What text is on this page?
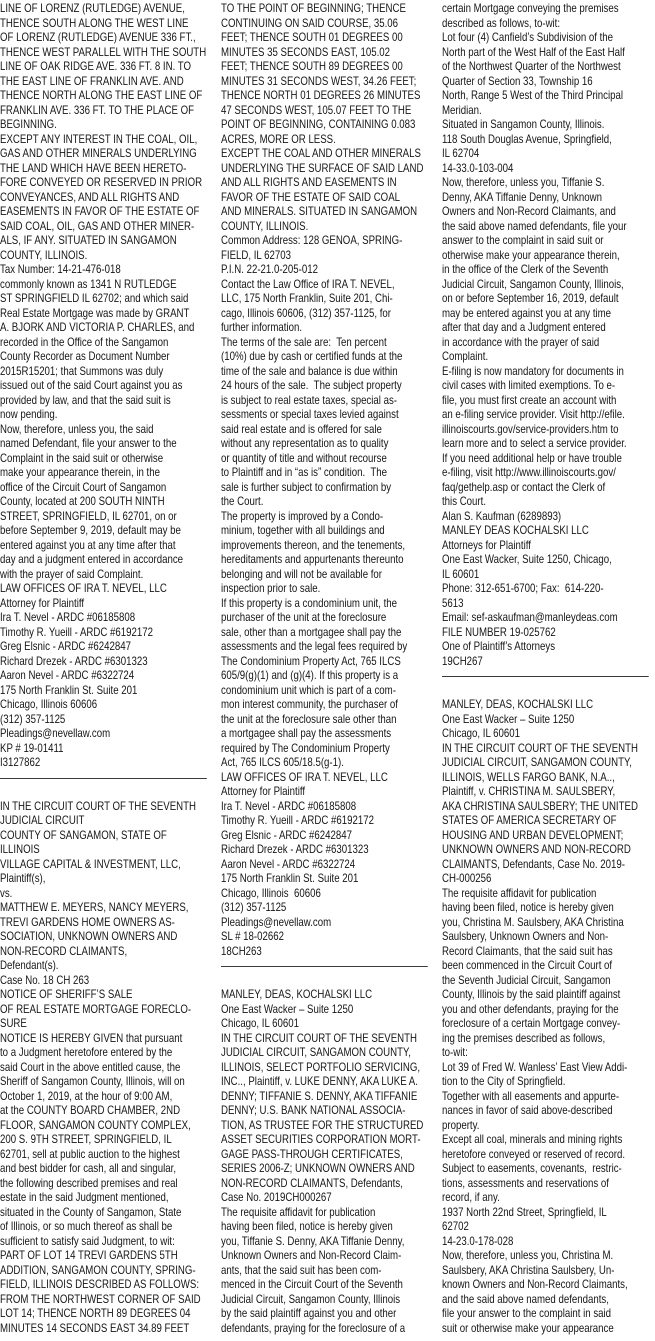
LINE OF LORENZ (RUTLEDGE) AVENUE,
THENCE SOUTH ALONG THE WEST LINE
OF LORENZ (RUTLEDGE) AVENUE 336 FT.,
THENCE WEST PARALLEL WITH THE SOUTH
LINE OF OAK RIDGE AVE. 336 FT. 8 IN. TO
THE EAST LINE OF FRANKLIN AVE. AND
THENCE NORTH ALONG THE EAST LINE OF
FRANKLIN AVE. 336 FT. TO THE PLACE OF
BEGINNING.
EXCEPT ANY INTEREST IN THE COAL, OIL,
GAS AND OTHER MINERALS UNDERLYING
THE LAND WHICH HAVE BEEN HERETO-
FORE CONVEYED OR RESERVED IN PRIOR
CONVEYANCES, AND ALL RIGHTS AND
EASEMENTS IN FAVOR OF THE ESTATE OF
SAID COAL, OIL, GAS AND OTHER MINER-
ALS, IF ANY. SITUATED IN SANGAMON
COUNTY, ILLINOIS.
Tax Number: 14-21-476-018
commonly known as 1341 N RUTLEDGE
ST SPRINGFIELD IL 62702; and which said
Real Estate Mortgage was made by GRANT
A. BJORK AND VICTORIA P. CHARLES, and
recorded in the Office of the Sangamon
County Recorder as Document Number
2015R15201; that Summons was duly
issued out of the said Court against you as
provided by law, and that the said suit is
now pending.
Now, therefore, unless you, the said
named Defendant, file your answer to the
Complaint in the said suit or otherwise
make your appearance therein, in the
office of the Circuit Court of Sangamon
County, located at 200 SOUTH NINTH
STREET, SPRINGFIELD, IL 62701, on or
before September 9, 2019, default may be
entered against you at any time after that
day and a judgment entered in accordance
with the prayer of said Complaint.
LAW OFFICES OF IRA T. NEVEL, LLC
Attorney for Plaintiff
Ira T. Nevel - ARDC #06185808
Timothy R. Yueill - ARDC #6192172
Greg Elsnic - ARDC #6242847
Richard Drezek - ARDC #6301323
Aaron Nevel - ARDC #6322724
175 North Franklin St. Suite 201
Chicago, Illinois 60606
(312) 357-1125
Pleadings@nevellaw.com
KP # 19-01411
I3127862
IN THE CIRCUIT COURT OF THE SEVENTH
JUDICIAL CIRCUIT
COUNTY OF SANGAMON, STATE OF
ILLINOIS
VILLAGE CAPITAL & INVESTMENT, LLC,
Plaintiff(s),
vs.
MATTHEW E. MEYERS, NANCY MEYERS,
TREVI GARDENS HOME OWNERS AS-
SOCIATION, UNKNOWN OWNERS AND
NON-RECORD CLAIMANTS,
Defendant(s).
Case No. 18 CH 263
NOTICE OF SHERIFF’S SALE
OF REAL ESTATE MORTGAGE FORECLO-
SURE
NOTICE IS HEREBY GIVEN that pursuant
to a Judgment heretofore entered by the
said Court in the above entitled cause, the
Sheriff of Sangamon County, Illinois, will on
October 1, 2019, at the hour of 9:00 AM,
at the COUNTY BOARD CHAMBER, 2ND
FLOOR, SANGAMON COUNTY COMPLEX,
200 S. 9TH STREET, SPRINGFIELD, IL
62701, sell at public auction to the highest
and best bidder for cash, all and singular,
the following described premises and real
estate in the said Judgment mentioned,
situated in the County of Sangamon, State
of Illinois, or so much thereof as shall be
sufficient to satisfy said Judgment, to wit:
PART OF LOT 14 TREVI GARDENS 5TH
ADDITION, SANGAMON COUNTY, SPRING-
FIELD, ILLINOIS DESCRIBED AS FOLLOWS:
FROM THE NORTHWEST CORNER OF SAID
LOT 14; THENCE NORTH 89 DEGREES 04
MINUTES 14 SECONDS EAST 34.89 FEET
TO THE POINT OF BEGINNING; THENCE
CONTINUING ON SAID COURSE, 35.06
FEET; THENCE SOUTH 01 DEGREES 00
MINUTES 35 SECONDS EAST, 105.02
FEET; THENCE SOUTH 89 DEGREES 00
MINUTES 31 SECONDS WEST, 34.26 FEET;
THENCE NORTH 01 DEGREES 26 MINUTES
47 SECONDS WEST, 105.07 FEET TO THE
POINT OF BEGINNING, CONTAINING 0.083
ACRES, MORE OR LESS.
EXCEPT THE COAL AND OTHER MINERALS
UNDERLYING THE SURFACE OF SAID LAND
AND ALL RIGHTS AND EASEMENTS IN
FAVOR OF THE ESTATE OF SAID COAL
AND MINERALS. SITUATED IN SANGAMON
COUNTY, ILLINOIS.
Common Address: 128 GENOA, SPRING-
FIELD, IL 62703
P.I.N. 22-21.0-205-012
Contact the Law Office of IRA T. NEVEL,
LLC, 175 North Franklin, Suite 201, Chi-
cago, Illinois 60606, (312) 357-1125, for
further information.
The terms of the sale are:  Ten percent
(10%) due by cash or certified funds at the
time of the sale and balance is due within
24 hours of the sale.  The subject property
is subject to real estate taxes, special as-
sessments or special taxes levied against
said real estate and is offered for sale
without any representation as to quality
or quantity of title and without recourse
to Plaintiff and in “as is” condition.  The
sale is further subject to confirmation by
the Court.
The property is improved by a Condo-
minium, together with all buildings and
improvements thereon, and the tenements,
hereditaments and appurtenants thereunto
belonging and will not be available for
inspection prior to sale.
If this property is a condominium unit, the
purchaser of the unit at the foreclosure
sale, other than a mortgagee shall pay the
assessments and the legal fees required by
The Condominium Property Act, 765 ILCS
605/9(g)(1) and (g)(4). If this property is a
condominium unit which is part of a com-
mon interest community, the purchaser of
the unit at the foreclosure sale other than
a mortgagee shall pay the assessments
required by The Condominium Property
Act, 765 ILCS 605/18.5(g-1).
LAW OFFICES OF IRA T. NEVEL, LLC
Attorney for Plaintiff
Ira T. Nevel - ARDC #06185808
Timothy R. Yueill - ARDC #6192172
Greg Elsnic - ARDC #6242847
Richard Drezek - ARDC #6301323
Aaron Nevel - ARDC #6322724
175 North Franklin St. Suite 201
Chicago, Illinois  60606
(312) 357-1125
Pleadings@nevellaw.com
SL # 18-02662
18CH263
MANLEY, DEAS, KOCHALSKI LLC
One East Wacker – Suite 1250
Chicago, IL 60601
IN THE CIRCUIT COURT OF THE SEVENTH
JUDICIAL CIRCUIT, SANGAMON COUNTY,
ILLINOIS, SELECT PORTFOLIO SERVICING,
INC.., Plaintiff, v. LUKE DENNY, AKA LUKE A.
DENNY; TIFFANIE S. DENNY, AKA TIFFANIE
DENNY; U.S. BANK NATIONAL ASSOCIA-
TION, AS TRUSTEE FOR THE STRUCTURED
ASSET SECURITIES CORPORATION MORT-
GAGE PASS-THROUGH CERTIFICATES,
SERIES 2006-Z; UNKNOWN OWNERS AND
NON-RECORD CLAIMANTS, Defendants,
Case No. 2019CH000267
The requisite affidavit for publication
having been filed, notice is hereby given
you, Tiffanie S. Denny, AKA Tiffanie Denny,
Unknown Owners and Non-Record Claim-
ants, that the said suit has been com-
menced in the Circuit Court of the Seventh
Judicial Circuit, Sangamon County, Illinois
by the said plaintiff against you and other
defendants, praying for the foreclosure of a
certain Mortgage conveying the premises
described as follows, to-wit:
Lot four (4) Canfield’s Subdivision of the
North part of the West Half of the East Half
of the Northwest Quarter of the Northwest
Quarter of Section 33, Township 16
North, Range 5 West of the Third Principal
Meridian.
Situated in Sangamon County, Illinois.
118 South Douglas Avenue, Springfield,
IL 62704
14-33.0-103-004
Now, therefore, unless you, Tiffanie S.
Denny, AKA Tiffanie Denny, Unknown
Owners and Non-Record Claimants, and
the said above named defendants, file your
answer to the complaint in said suit or
otherwise make your appearance therein,
in the office of the Clerk of the Seventh
Judicial Circuit, Sangamon County, Illinois,
on or before September 16, 2019, default
may be entered against you at any time
after that day and a Judgment entered
in accordance with the prayer of said
Complaint.
E-filing is now mandatory for documents in
civil cases with limited exemptions. To e-
file, you must first create an account with
an e-filing service provider. Visit http://efile.
illinoiscourts.gov/service-providers.htm to
learn more and to select a service provider.
If you need additional help or have trouble
e-filing, visit http://www.illinoiscourts.gov/
faq/gethelp.asp or contact the Clerk of
this Court.
Alan S. Kaufman (6289893)
MANLEY DEAS KOCHALSKI LLC
Attorneys for Plaintiff
One East Wacker, Suite 1250, Chicago,
IL 60601
Phone: 312-651-6700; Fax:  614-220-
5613
Email: sef-askaufman@manleydeas.com
FILE NUMBER 19-025762
One of Plaintiff’s Attorneys
19CH267
MANLEY, DEAS, KOCHALSKI LLC
One East Wacker – Suite 1250
Chicago, IL 60601
IN THE CIRCUIT COURT OF THE SEVENTH
JUDICIAL CIRCUIT, SANGAMON COUNTY,
ILLINOIS, WELLS FARGO BANK, N.A..,
Plaintiff, v. CHRISTINA M. SAULSBERY,
AKA CHRISTINA SAULSBERY; THE UNITED
STATES OF AMERICA SECRETARY OF
HOUSING AND URBAN DEVELOPMENT;
UNKNOWN OWNERS AND NON-RECORD
CLAIMANTS, Defendants, Case No. 2019-
CH-000256
The requisite affidavit for publication
having been filed, notice is hereby given
you, Christina M. Saulsbery, AKA Christina
Saulsbery, Unknown Owners and Non-
Record Claimants, that the said suit has
been commenced in the Circuit Court of
the Seventh Judicial Circuit, Sangamon
County, Illinois by the said plaintiff against
you and other defendants, praying for the
foreclosure of a certain Mortgage convey-
ing the premises described as follows,
to-wit:
Lot 39 of Fred W. Wanless’ East View Addi-
tion to the City of Springfield.
Together with all easements and appurte-
nances in favor of said above-described
property.
Except all coal, minerals and mining rights
heretofore conveyed or reserved of record.
Subject to easements, covenants,  restric-
tions, assessments and reservations of
record, if any.
1937 North 22nd Street, Springfield, IL
62702
14-23.0-178-028
Now, therefore, unless you, Christina M.
Saulsbery, AKA Christina Saulsbery, Un-
known Owners and Non-Record Claimants,
and the said above named defendants,
file your answer to the complaint in said
suit or otherwise make your appearance
